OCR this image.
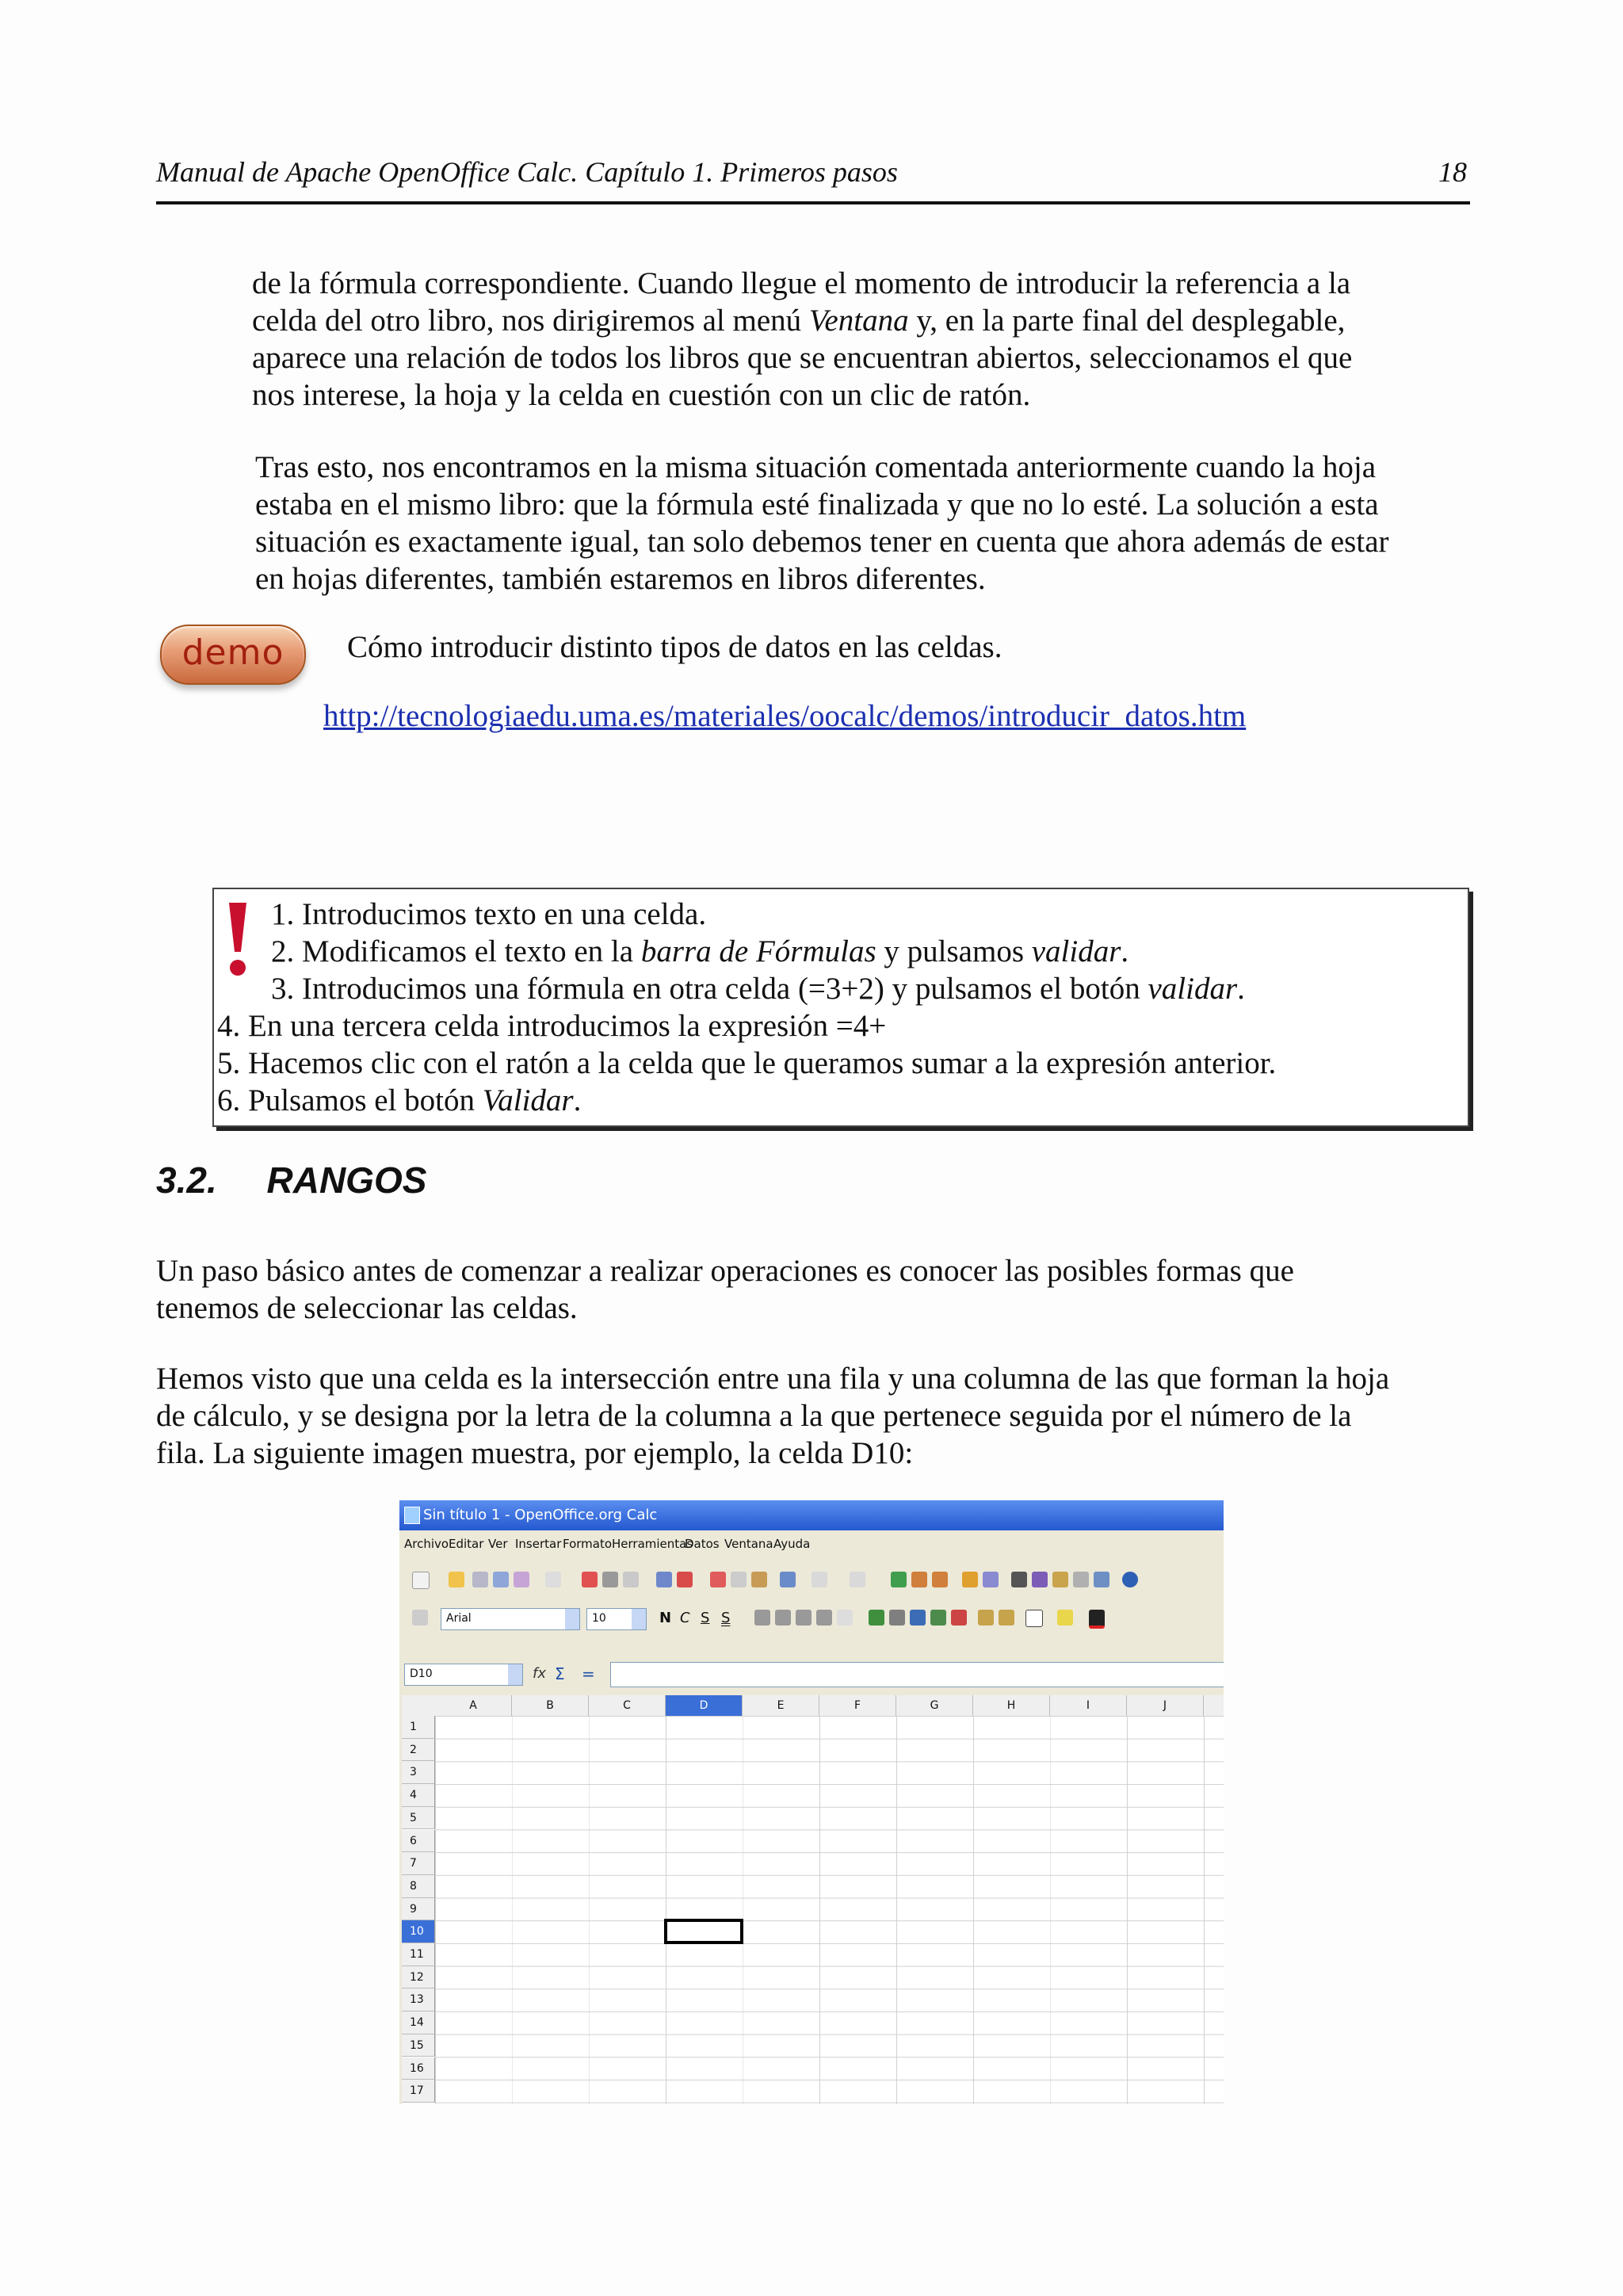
Manual de Apache OpenOffice Calc. Capítulo 1. Primeros pasos	18

de la fórmula correspondiente. Cuando llegue el momento de introducir la referencia a la

celda del otro libro, nos dirigiremos al menú Ventana y, en la parte final del desplegable,

aparece una relación de todos los libros que se encuentran abiertos, seleccionamos el que

nos interese, la hoja y la celda en cuestión con un clic de ratón.

Tras esto, nos encontramos en la misma situación comentada anteriormente cuando la hoja

estaba en el mismo libro: que la fórmula esté finalizada y que no lo esté. La solución a esta

situación es exactamente igual, tan solo debemos tener en cuenta que ahora además de estar

en hojas diferentes, también estaremos en libros diferentes.

demo	Cómo introducir distinto tipos de datos en las celdas.
http://tecnologiaedu.uma.es/materiales/oocalc/demos/introducir_datos.htm
1. Introducimos texto en una celda.
2. Modificamos el texto en la barra de Fórmulas y pulsamos validar.
3. Introducimos una fórmula en otra celda (=3+2) y pulsamos el botón validar.
4. En una tercera celda introducimos la expresión =4+
5. Hacemos clic con el ratón a la celda que le queramos sumar a la expresión anterior.
6. Pulsamos el botón Validar.
3.2. RANGOS

Un paso básico antes de comenzar a realizar operaciones es conocer las posibles formas que

tenemos de seleccionar las celdas.

Hemos visto que una celda es la intersección entre una fila y una columna de las que forman la hoja

de cálculo, y se designa por la letra de la columna a la que pertenece seguida por el número de la

fila. La siguiente imagen muestra, por ejemplo, la celda D10:

Sin título 1 - OpenOffice.org Calc
Archivo Editar Ver Insertar Formato Herramientas
Datos Ventana Ayuda
Arial	10	N C S S
D10	fx Σ =
A	B	C	D	E	F	G	H	I	J
1
2
3
4
5
6
7
8
9
10
11
12
13
14
15
16
17
